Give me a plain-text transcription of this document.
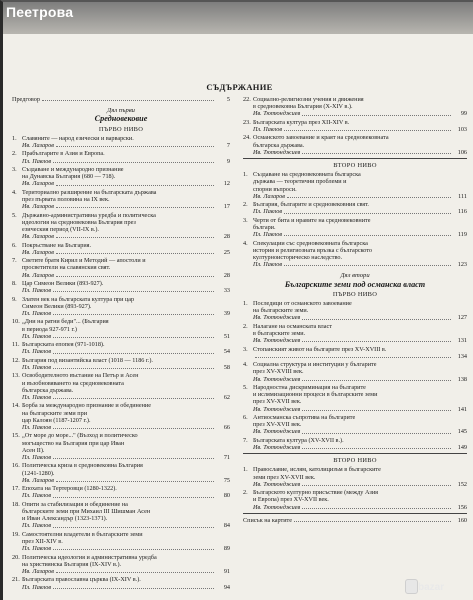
Пеетрова
СЪДЪРЖАНИЕ
Предговор	5
Дял първи
Средновековие
ПЪРВО НИВО
1. Славяните — народ езически и варварски.
Ив. Лазаров	7
2. Прабългарите в Азия и Европа.
Пл. Павлов	9
3. Създаване и международно признание
на Дунавска България (680 — 718).
Ив. Лазаров	12
4. Териториално разширение на българската държава
през първата половина на IX век.
Ив. Лазаров	17
5. Държавно-административна уредба и политическа
идеология на средновековна България през
езическия период (VII-IX в.).
Ив. Лазаров	28
6. Покръстване на България.
Ив. Лазаров	25
7. Светите братя Кирил и Методий — апостоли и
просветители на славянския свят.
Ив. Лазаров	28
8. Цар Симеон Велики (893-927).
Пл. Павлов	33
9. Златен век на българската култура при цар
Симеон Велики (893-927).
Пл. Павлов	39
10. „Дни на ратни беди"... (България
в периода 927-971 г.)
Пл. Павлов	51
11. Българската епопея (971-1018).
Пл. Павлов	54
12. България под византийска власт (1018 — 1186 г.).
Пл. Павлов	58
13. Освободителното въстание на Петър и Асен
и възобновяването на средновековната
българска държава.
Пл. Павлов	62
14. Борба за международно признание и обединение
на българските земи при
цар Калоян (1187-1207 г.).
Пл. Павлов	66
15. „От море до море..." (Възход и политическо
могъщество на България при цар Иван
Асен II).
Пл. Павлов	71
16. Политическа криза в средновековна България
(1241-1280).
Ив. Лазаров	75
17. Епохата на Тертеровци (1280-1322).
Пл. Павлов	80
18. Опити за стабилизация и обединение на
българските земи при Михаил III Шишман Асен
и Иван Александър (1323-1371).
Пл. Павлов	84
19. Самостоятелни владетели в българските земи
през XII-XIV в.
Пл. Павлов	89
20. Политическа идеология и административна уредба
на християнска България (IX-XIV в.).
Ив. Лазаров	91
21. Българската православна църква (IX-XIV в.).
Пл. Павлов	94
22. Социално-религиозни учения и движения
в средновековна България (X-XIV в.).
Ив. Тютюнджиев	99
23. Българската култура през XII-XIV в.
Пл. Павлов	103
24. Османското завоевание и краят на средновековната
българска държава.
Ив. Тютюнджиев	106
ВТОРО НИВО
1. Създаване на средновековната българска
държава — теоретични проблеми и
спорни въпроси.
Ив. Лазаров	111
2. България, българите и средновековния свят.
Пл. Павлов	116
3. Черти от бита и нравите на средновековните
българи.
Пл. Павлов	119
4. Спекулации със средновековната българска
история и религиозната връзка с българското
културноисторическо наследство.
Пл. Павлов	123
Дял втори
Българските земи под османска власт
ПЪРВО НИВО
1. Последици от османското завоевание
на българските земи.
Ив. Тютюнджиев	127
2. Налагане на османската власт
в българските земи.
Ив. Тютюнджиев	131
3. Стопанският живот на българите през XV-XVIII в.
134
4. Социална структура и институции у българите
през XV-XVIII век.
Ив. Тютюнджиев	138
5. Народностна дискриминация на българите
и ислямизационни процеси в българските земи
през XV-XVII век.
Ив. Тютюнджиев	141
6. Антиосманска съпротива на българите
през XV-XVII век.
Ив. Тютюнджиев	145
7. Българската култура (XV-XVII в.).
Ив. Тютюнджиев	149
ВТОРО НИВО
1. Православие, ислям, католицизъм в българските
земи през XV-XVII век.
Ив. Тютюнджиев	152
2. Българското културно присъствие (между Азия
и Европа) през XV-XVII век.
Ив. Тютюнджиев	156
Списък на картите	160
bazar
